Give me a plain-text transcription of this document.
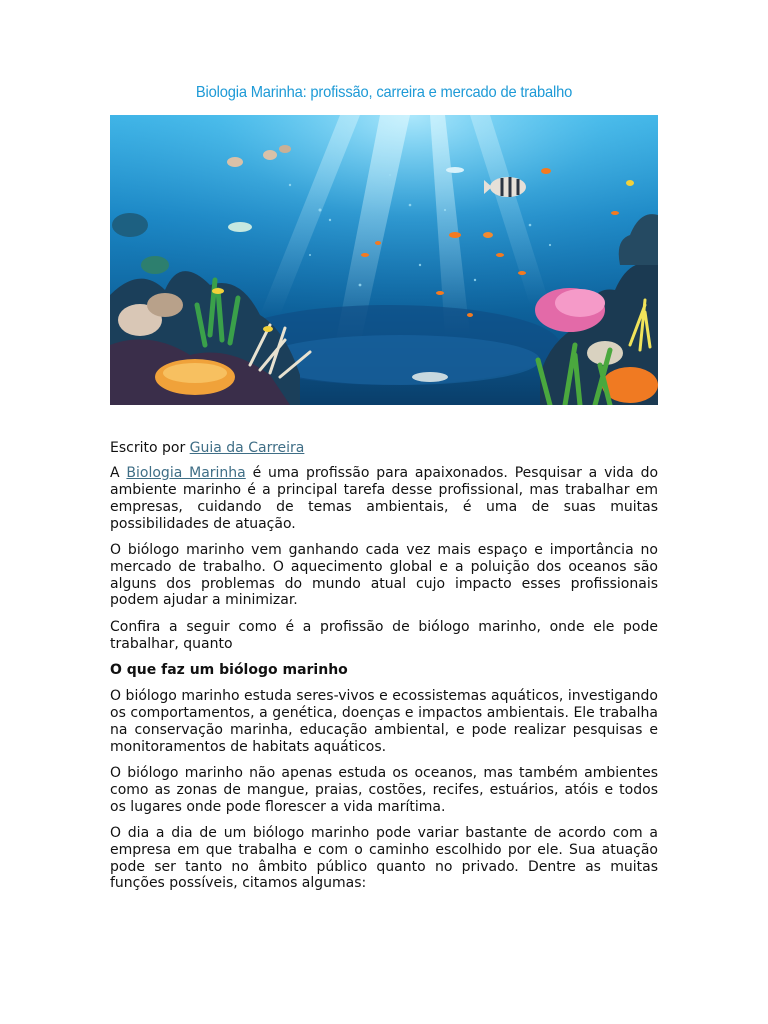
Biologia Marinha: profissão, carreira e mercado de trabalho

Escrito por Guia da Carreira

A Biologia Marinha é uma profissão para apaixonados. Pesquisar a vida do ambiente marinho é a principal tarefa desse profissional, mas trabalhar em empresas, cuidando de temas ambientais, é uma de suas muitas possibilidades de atuação.

O biólogo marinho vem ganhando cada vez mais espaço e importância no mercado de trabalho. O aquecimento global e a poluição dos oceanos são alguns dos problemas do mundo atual cujo impacto esses profissionais podem ajudar a minimizar.

Confira a seguir como é a profissão de biólogo marinho, onde ele pode trabalhar, quanto

O que faz um biólogo marinho

O biólogo marinho estuda seres-vivos e ecossistemas aquáticos, investigando os comportamentos, a genética, doenças e impactos ambientais. Ele trabalha na conservação marinha, educação ambiental, e pode realizar pesquisas e monitoramentos de habitats aquáticos.

O biólogo marinho não apenas estuda os oceanos, mas também ambientes como as zonas de mangue, praias, costões, recifes, estuários, atóis e todos os lugares onde pode florescer a vida marítima.

O dia a dia de um biólogo marinho pode variar bastante de acordo com a empresa em que trabalha e com o caminho escolhido por ele. Sua atuação pode ser tanto no âmbito público quanto no privado. Dentre as muitas funções possíveis, citamos algumas:
